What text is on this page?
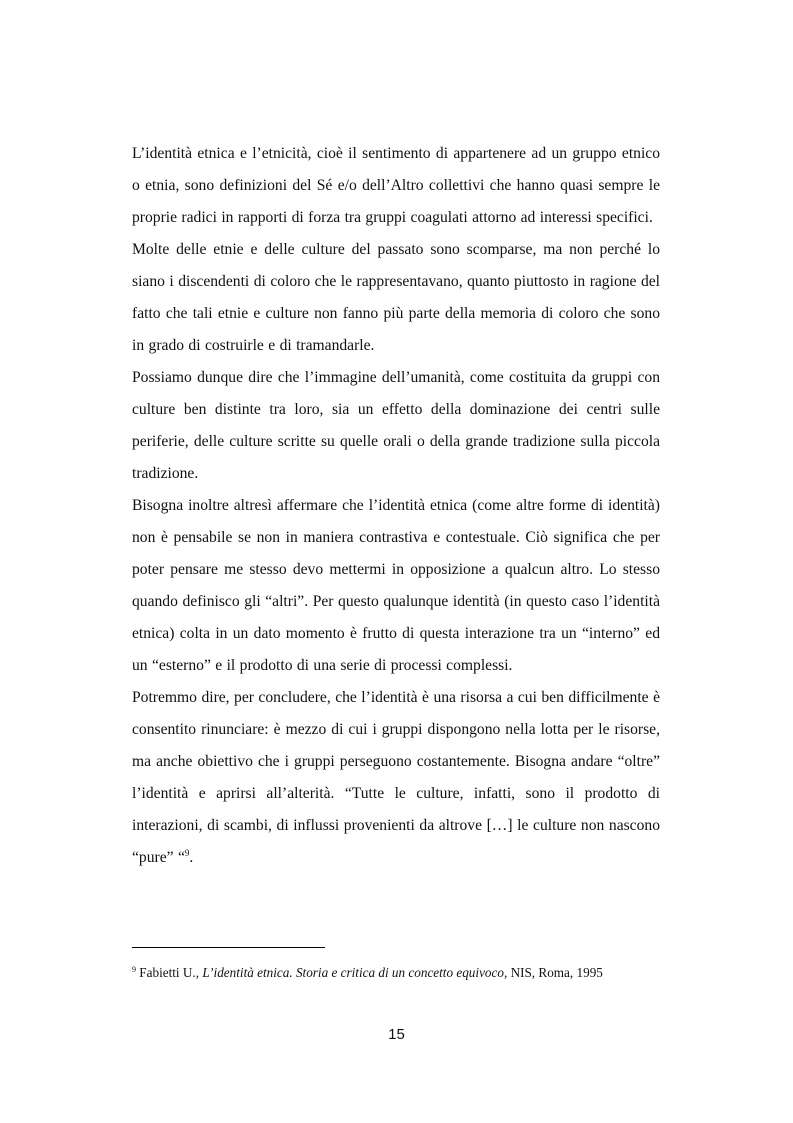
L’identità etnica e l’etnicità, cioè il sentimento di appartenere ad un gruppo etnico o etnia, sono definizioni del Sé e/o dell’Altro collettivi che hanno quasi sempre le proprie radici in rapporti di forza tra gruppi coagulati attorno ad interessi specifici.

Molte delle etnie e delle culture del passato sono scomparse, ma non perché lo siano i discendenti di coloro che le rappresentavano, quanto piuttosto in ragione del fatto che tali etnie e culture non fanno più parte della memoria di coloro che sono in grado di costruirle e di tramandarle.

Possiamo dunque dire che l’immagine dell’umanità, come costituita da gruppi con culture ben distinte tra loro, sia un effetto della dominazione dei centri sulle periferie, delle culture scritte su quelle orali o della grande tradizione sulla piccola tradizione.

Bisogna inoltre altresì affermare che l’identità etnica (come altre forme di identità) non è pensabile se non in maniera contrastiva e contestuale. Ciò significa che per poter pensare me stesso devo mettermi in opposizione a qualcun altro. Lo stesso quando definisco gli “altri”. Per questo qualunque identità (in questo caso l’identità etnica) colta in un dato momento è frutto di questa interazione tra un “interno” ed un “esterno” e il prodotto di una serie di processi complessi.

Potremmo dire, per concludere, che l’identità è una risorsa a cui ben difficilmente è consentito rinunciare: è mezzo di cui i gruppi dispongono nella lotta per le risorse, ma anche obiettivo che i gruppi perseguono costantemente. Bisogna andare “oltre” l’identità e aprirsi all’alterità. “Tutte le culture, infatti, sono il prodotto di interazioni, di scambi, di influssi provenienti da altrove […] le culture non nascono “pure” “$^9$.

$^9$ Fabietti U., L’identità etnica. Storia e critica di un concetto equivoco, NIS, Roma, 1995
15
